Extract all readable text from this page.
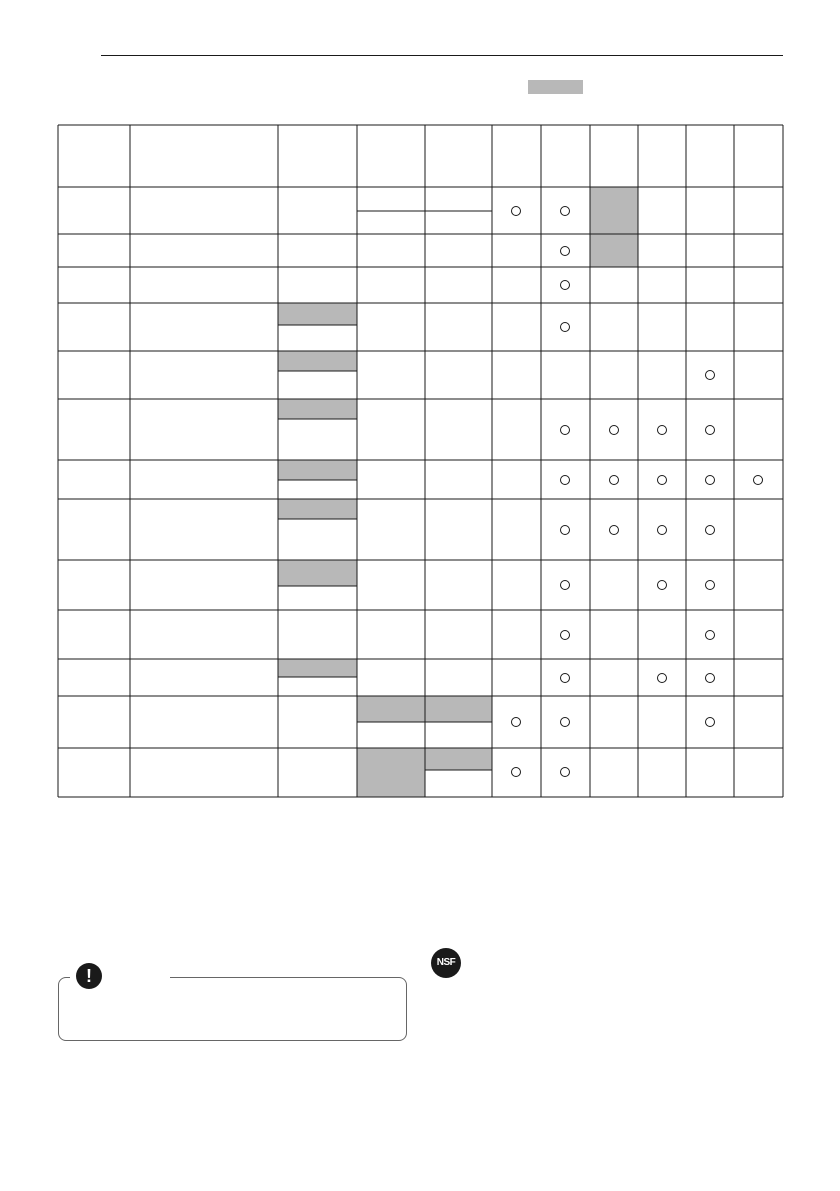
!
NSF
